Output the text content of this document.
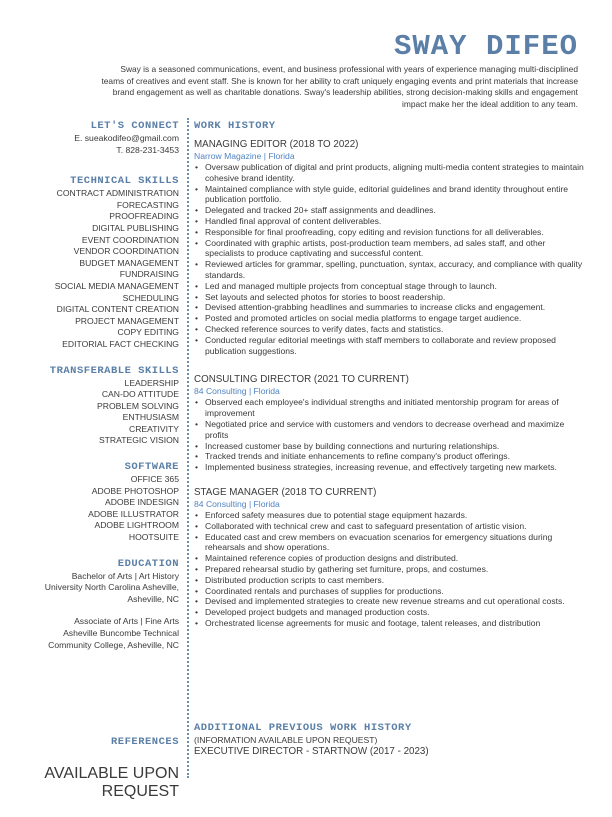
SWAY DIFEO

Sway is a seasoned communications, event, and business professional with years of experience managing multi-disciplined teams of creatives and event staff. She is known for her ability to craft uniquely engaging events and print materials that increase brand engagement as well as charitable donations. Sway's leadership abilities, strong decision-making skills and engagement impact make her the ideal addition to any team.

LET'S CONNECT

E. sueakodifeo@gmail.com

T. 828-231-3453

TECHNICAL SKILLS

CONTRACT ADMINISTRATION

FORECASTING

PROOFREADING

DIGITAL PUBLISHING

EVENT COORDINATION

VENDOR COORDINATION

BUDGET MANAGEMENT

FUNDRAISING

SOCIAL MEDIA MANAGEMENT

SCHEDULING

DIGITAL CONTENT CREATION

PROJECT MANAGEMENT

COPY EDITING

EDITORIAL FACT CHECKING

TRANSFERABLE SKILLS

LEADERSHIP

CAN-DO ATTITUDE

PROBLEM SOLVING

ENTHUSIASM

CREATIVITY

STRATEGIC VISION

SOFTWARE

OFFICE 365

ADOBE PHOTOSHOP

ADOBE INDESIGN

ADOBE ILLUSTRATOR

ADOBE LIGHTROOM

HOOTSUITE

EDUCATION

Bachelor of Arts | Art History

University North Carolina Asheville,

Asheville, NC

Associate of Arts | Fine Arts

Asheville Buncombe Technical

Community College, Asheville, NC

REFERENCES

AVAILABLE UPON REQUEST

WORK HISTORY

MANAGING EDITOR (2018 TO 2022)

Narrow Magazine | Florida

• Oversaw publication of digital and print products, aligning multi-media content strategies to maintain cohesive brand identity.
• Maintained compliance with style guide, editorial guidelines and brand identity throughout entire publication portfolio.
• Delegated and tracked 20+ staff assignments and deadlines.
• Handled final approval of content deliverables.
• Responsible for final proofreading, copy editing and revision functions for all deliverables.
• Coordinated with graphic artists, post-production team members, ad sales staff, and other specialists to produce captivating and successful content.
• Reviewed articles for grammar, spelling, punctuation, syntax, accuracy, and compliance with quality standards.
• Led and managed multiple projects from conceptual stage through to launch.
• Set layouts and selected photos for stories to boost readership.
• Devised attention-grabbing headlines and summaries to increase clicks and engagement.
• Posted and promoted articles on social media platforms to engage target audience.
• Checked reference sources to verify dates, facts and statistics.
• Conducted regular editorial meetings with staff members to collaborate and review proposed publication suggestions.

CONSULTING DIRECTOR (2021 TO CURRENT)

84 Consulting | Florida

• Observed each employee's individual strengths and initiated mentorship program for areas of improvement
• Negotiated price and service with customers and vendors to decrease overhead and maximize profits
• Increased customer base by building connections and nurturing relationships.
• Tracked trends and initiate enhancements to refine company's product offerings.
• Implemented business strategies, increasing revenue, and effectively targeting new markets.

STAGE MANAGER (2018 TO CURRENT)

84 Consulting | Florida

• Enforced safety measures due to potential stage equipment hazards.
• Collaborated with technical crew and cast to safeguard presentation of artistic vision.
• Educated cast and crew members on evacuation scenarios for emergency situations during rehearsals and show operations.
• Maintained reference copies of production designs and distributed.
• Prepared rehearsal studio by gathering set furniture, props, and costumes.
• Distributed production scripts to cast members.
• Coordinated rentals and purchases of supplies for productions.
• Devised and implemented strategies to create new revenue streams and cut operational costs.
• Developed project budgets and managed production costs.
• Orchestrated license agreements for music and footage, talent releases, and distribution
ADDITIONAL PREVIOUS WORK HISTORY

(INFORMATION AVAILABLE UPON REQUEST)

EXECUTIVE DIRECTOR - STARTNOW (2017 - 2023)
